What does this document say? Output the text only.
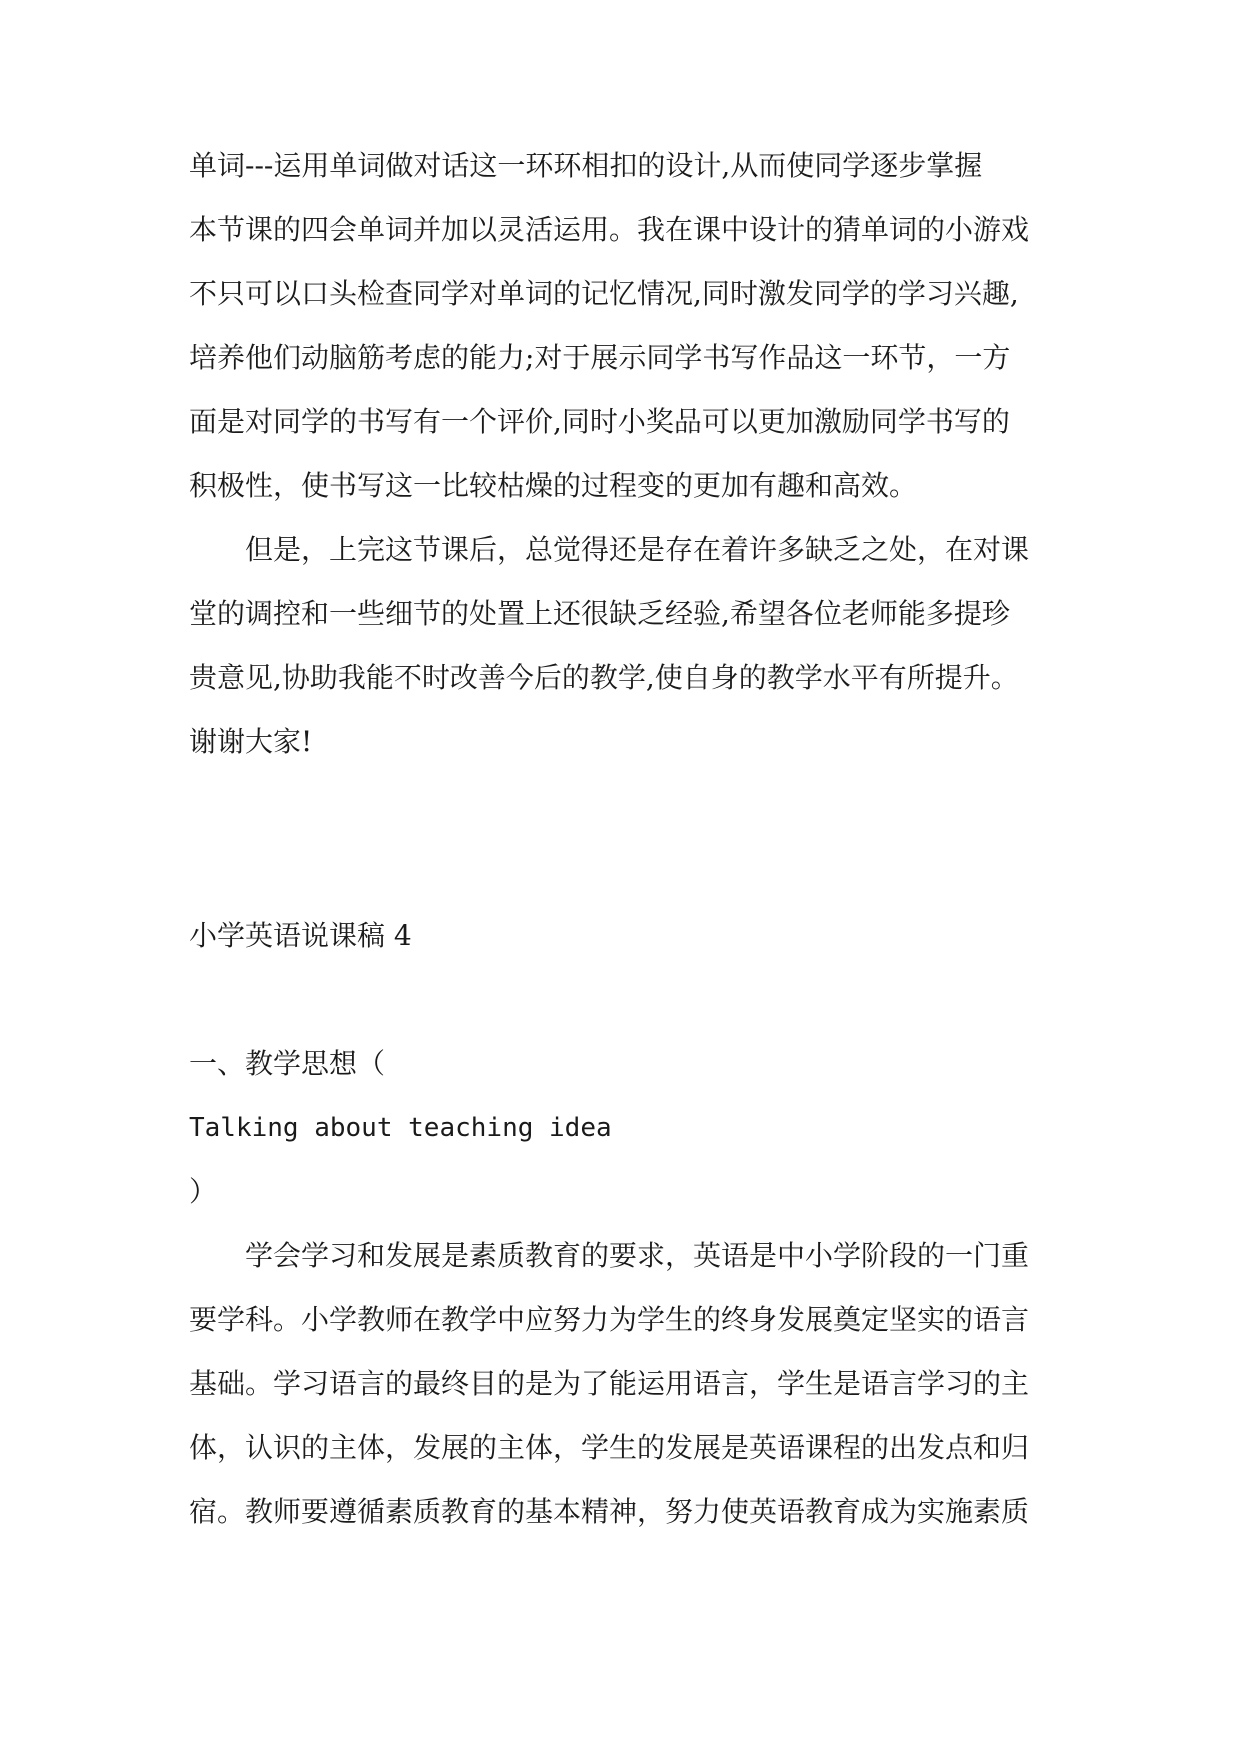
单词---运用单词做对话这一环环相扣的设计,从而使同学逐步掌握
本节课的四会单词并加以灵活运用。我在课中设计的猜单词的小游戏
不只可以口头检查同学对单词的记忆情况,同时激发同学的学习兴趣,
培养他们动脑筋考虑的能力;对于展示同学书写作品这一环节，一方
面是对同学的书写有一个评价,同时小奖品可以更加激励同学书写的
积极性，使书写这一比较枯燥的过程变的更加有趣和高效。
　　但是，上完这节课后，总觉得还是存在着许多缺乏之处，在对课
堂的调控和一些细节的处置上还很缺乏经验,希望各位老师能多提珍
贵意见,协助我能不时改善今后的教学,使自身的教学水平有所提升。
谢谢大家!
小学英语说课稿 4
一、教学思想（
Talking about teaching idea
）
　　学会学习和发展是素质教育的要求，英语是中小学阶段的一门重
要学科。小学教师在教学中应努力为学生的终身发展奠定坚实的语言
基础。学习语言的最终目的是为了能运用语言，学生是语言学习的主
体，认识的主体，发展的主体，学生的发展是英语课程的出发点和归
宿。教师要遵循素质教育的基本精神，努力使英语教育成为实施素质
